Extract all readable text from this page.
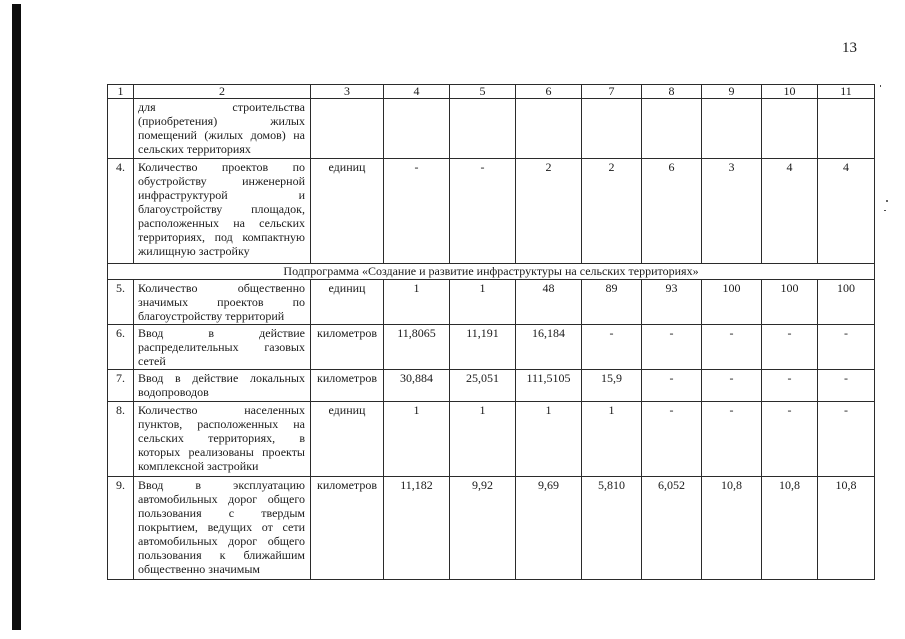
13
1	2	3	4	5	6	7	8	9	10	11
	для строительства (приобретения) жилых помещений (жилых домов) на сельских территориях									
4.	Количество проектов по обустройству инженерной инфраструктурой и благоустройству площадок, расположенных на сельских территориях, под компактную жилищную застройку	единиц	-	-	2	2	6	3	4	4
Подпрограмма «Создание и развитие инфраструктуры на сельских территориях»										
5.	Количество общественно значимых проектов по благоустройству территорий	единиц	1	1	48	89	93	100	100	100
6.	Ввод в действие распределительных газовых сетей	километров	11,8065	11,191	16,184	-	-	-	-	-
7.	Ввод в действие локальных водопроводов	километров	30,884	25,051	111,5105	15,9	-	-	-	-
8.	Количество населенных пунктов, расположенных на сельских территориях, в которых реализованы проекты комплексной застройки	единиц	1	1	1	1	-	-	-	-
9.	Ввод в эксплуатацию автомобильных дорог общего пользования с твердым покрытием, ведущих от сети автомобильных дорог общего пользования к ближайшим общественно значимым	километров	11,182	9,92	9,69	5,810	6,052	10,8	10,8	10,8
